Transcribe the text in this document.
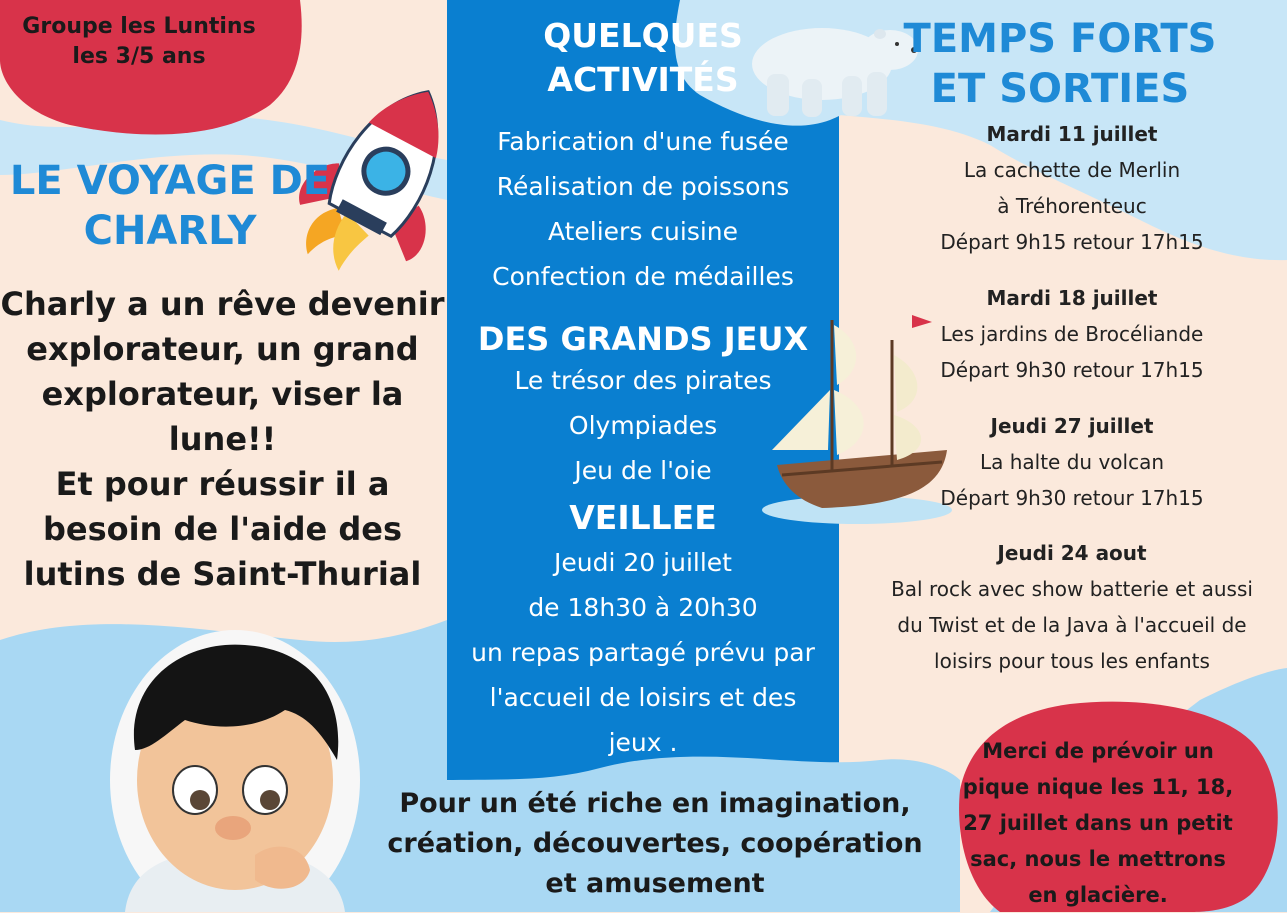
Groupe les Luntins
les 3/5 ans
LE VOYAGE DE
CHARLY
Charly a un rêve devenir
explorateur, un grand
explorateur, viser la
lune!!
Et pour réussir il a
besoin de l'aide des
lutins de Saint-Thurial
QUELQUES
ACTIVITÉS
Fabrication d'une fusée
Réalisation de poissons
Ateliers cuisine
Confection de médailles
DES GRANDS JEUX
Le trésor des pirates
Olympiades
Jeu de l'oie
VEILLEE
Jeudi 20 juillet
de 18h30 à 20h30
un repas partagé prévu par
l'accueil de loisirs et des
jeux .
Pour un été riche en imagination,
création, découvertes, coopération
et amusement
TEMPS FORTS
ET SORTIES
Mardi 11 juillet
La cachette de Merlin
à Tréhorenteuc
Départ 9h15 retour 17h15
Mardi 18 juillet
Les jardins de Brocéliande
Départ 9h30 retour 17h15
Jeudi 27 juillet
La halte du volcan
Départ 9h30 retour 17h15
Jeudi 24 aout
Bal rock avec show batterie et aussi
du Twist et de la Java à l'accueil de
loisirs pour tous les enfants
Merci de prévoir un
pique nique les 11, 18,
27 juillet dans un petit
sac, nous le mettrons
en glacière.
